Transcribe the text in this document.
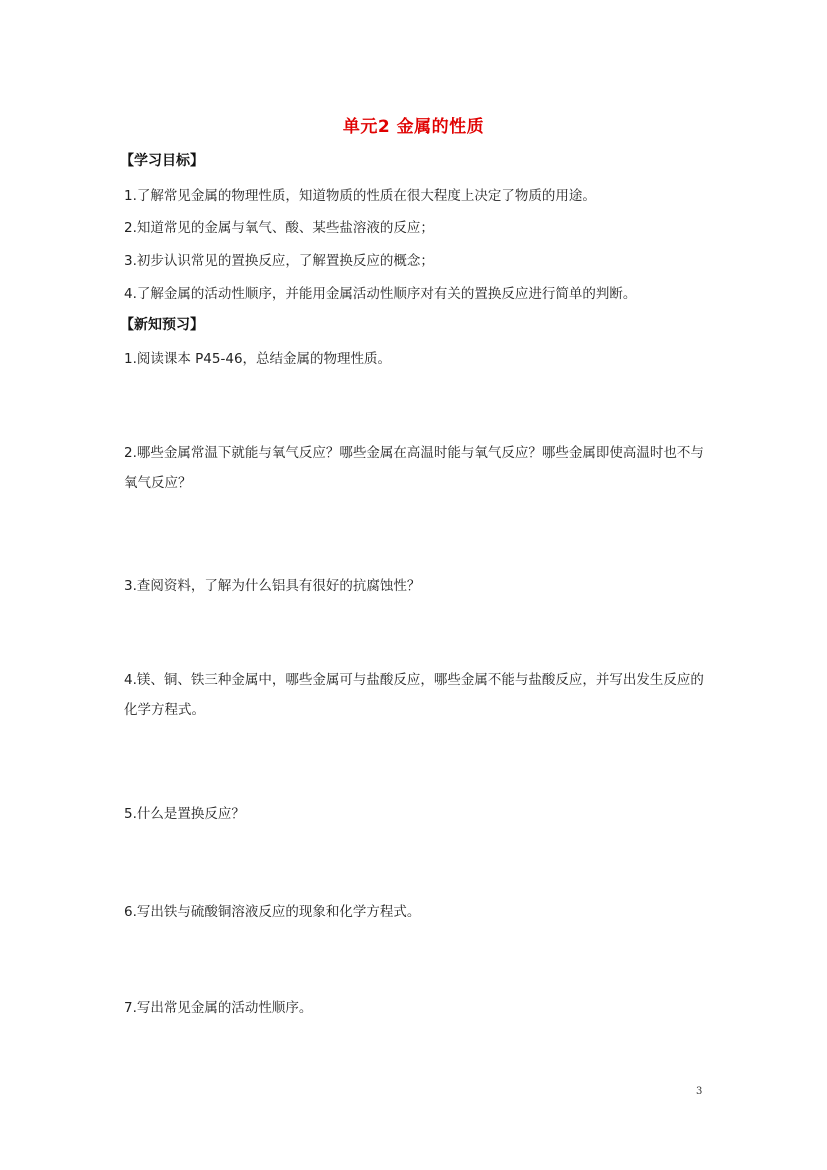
单元2 金属的性质
【学习目标】
1.了解常见金属的物理性质，知道物质的性质在很大程度上决定了物质的用途。
2.知道常见的金属与氧气、酸、某些盐溶液的反应；
3.初步认识常见的置换反应，了解置换反应的概念；
4.了解金属的活动性顺序，并能用金属活动性顺序对有关的置换反应进行简单的判断。
【新知预习】
1.阅读课本 P45-46，总结金属的物理性质。
2.哪些金属常温下就能与氧气反应？哪些金属在高温时能与氧气反应？哪些金属即使高温时也不与氧气反应？
3.查阅资料，了解为什么铝具有很好的抗腐蚀性？
4.镁、铜、铁三种金属中，哪些金属可与盐酸反应，哪些金属不能与盐酸反应，并写出发生反应的化学方程式。
5.什么是置换反应？
6.写出铁与硫酸铜溶液反应的现象和化学方程式。
7.写出常见金属的活动性顺序。
3
